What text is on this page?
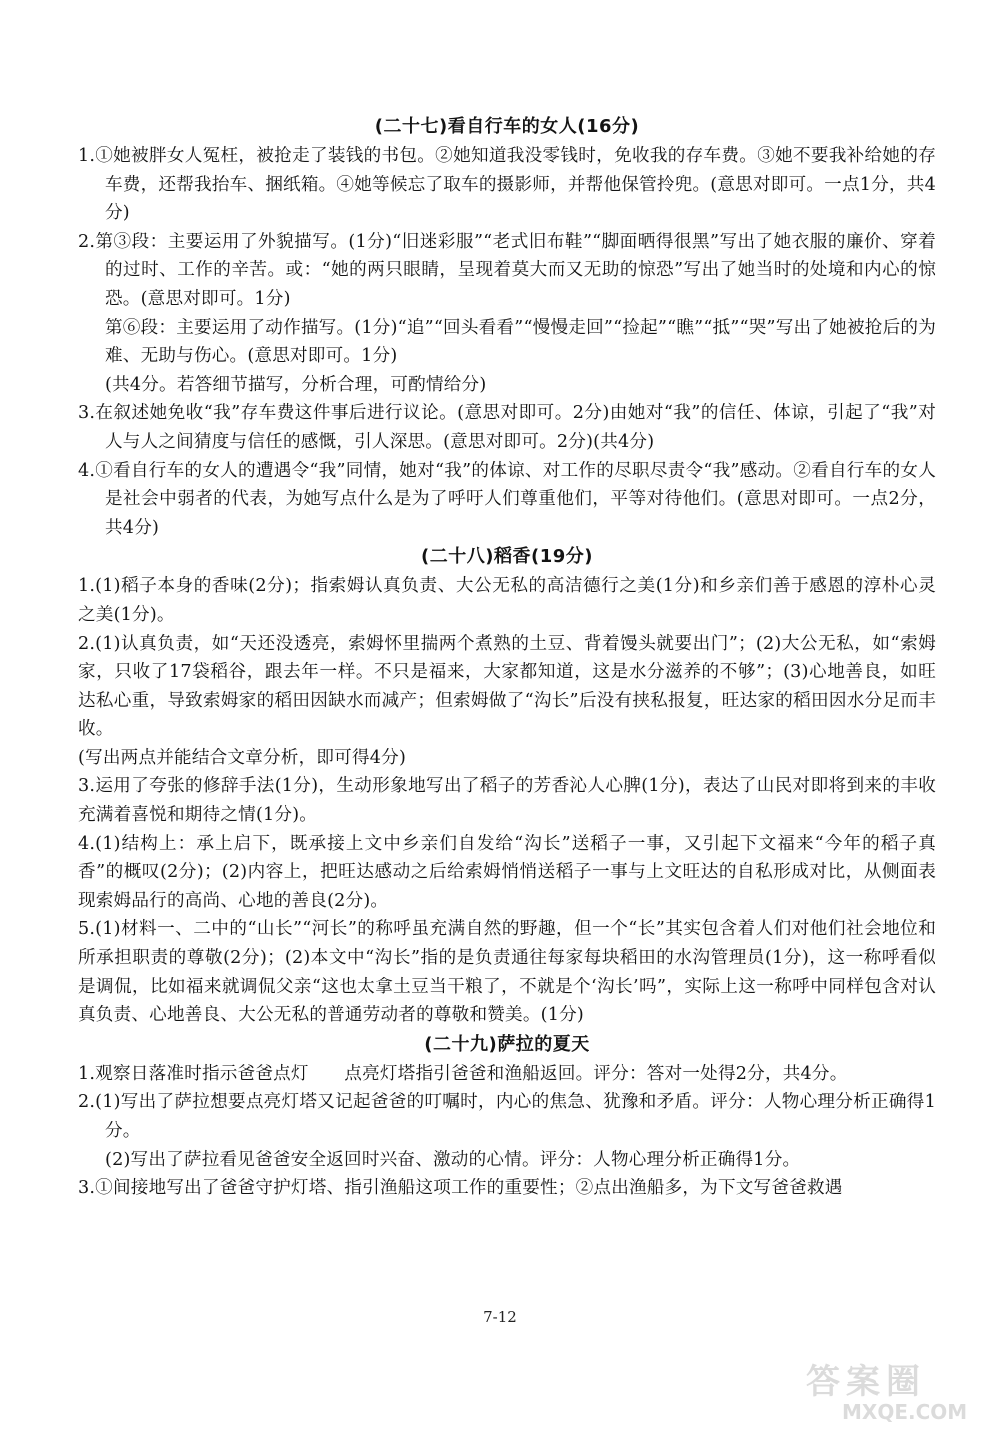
(二十七)看自行车的女人(16分)

1.①她被胖女人冤枉，被抢走了装钱的书包。②她知道我没零钱时，免收我的存车费。③她不要我补给她的存车费，还帮我抬车、捆纸箱。④她等候忘了取车的摄影师，并帮他保管拎兜。(意思对即可。一点1分，共4分)

2.第③段：主要运用了外貌描写。(1分)“旧迷彩服”“老式旧布鞋”“脚面晒得很黑”写出了她衣服的廉价、穿着的过时、工作的辛苦。或：“她的两只眼睛，呈现着莫大而又无助的惊恐”写出了她当时的处境和内心的惊恐。(意思对即可。1分)

第⑥段：主要运用了动作描写。(1分)“追”“回头看看”“慢慢走回”“捡起”“瞧”“抵”“哭”写出了她被抢后的为难、无助与伤心。(意思对即可。1分)

(共4分。若答细节描写，分析合理，可酌情给分)

3.在叙述她免收“我”存车费这件事后进行议论。(意思对即可。2分)由她对“我”的信任、体谅，引起了“我”对人与人之间猜度与信任的感慨，引人深思。(意思对即可。2分)(共4分)

4.①看自行车的女人的遭遇令“我”同情，她对“我”的体谅、对工作的尽职尽责令“我”感动。②看自行车的女人是社会中弱者的代表，为她写点什么是为了呼吁人们尊重他们，平等对待他们。(意思对即可。一点2分，共4分)

(二十八)稻香(19分)

1.(1)稻子本身的香味(2分)；指索姆认真负责、大公无私的高洁德行之美(1分)和乡亲们善于感恩的淳朴心灵之美(1分)。

2.(1)认真负责，如“天还没透亮，索姆怀里揣两个煮熟的土豆、背着馒头就要出门”；(2)大公无私，如“索姆家，只收了17袋稻谷，跟去年一样。不只是福来，大家都知道，这是水分滋养的不够”；(3)心地善良，如旺达私心重，导致索姆家的稻田因缺水而减产；但索姆做了“沟长”后没有挟私报复，旺达家的稻田因水分足而丰收。

(写出两点并能结合文章分析，即可得4分)

3.运用了夸张的修辞手法(1分)，生动形象地写出了稻子的芳香沁人心脾(1分)，表达了山民对即将到来的丰收充满着喜悦和期待之情(1分)。

4.(1)结构上：承上启下，既承接上文中乡亲们自发给“沟长”送稻子一事，又引起下文福来“今年的稻子真香”的概叹(2分)；(2)内容上，把旺达感动之后给索姆悄悄送稻子一事与上文旺达的自私形成对比，从侧面表现索姆品行的高尚、心地的善良(2分)。

5.(1)材料一、二中的“山长”“河长”的称呼虽充满自然的野趣，但一个“长”其实包含着人们对他们社会地位和所承担职责的尊敬(2分)；(2)本文中“沟长”指的是负责通往每家每块稻田的水沟管理员(1分)，这一称呼看似是调侃，比如福来就调侃父亲“这也太拿土豆当干粮了，不就是个‘沟长’吗”，实际上这一称呼中同样包含对认真负责、心地善良、大公无私的普通劳动者的尊敬和赞美。(1分)

(二十九)萨拉的夏天

1.观察日落准时指示爸爸点灯　　点亮灯塔指引爸爸和渔船返回。评分：答对一处得2分，共4分。

2.(1)写出了萨拉想要点亮灯塔又记起爸爸的叮嘱时，内心的焦急、犹豫和矛盾。评分：人物心理分析正确得1分。

(2)写出了萨拉看见爸爸安全返回时兴奋、激动的心情。评分：人物心理分析正确得1分。

3.①间接地写出了爸爸守护灯塔、指引渔船这项工作的重要性；②点出渔船多，为下文写爸爸救遇

7-12
答案圈
MXQE.COM
